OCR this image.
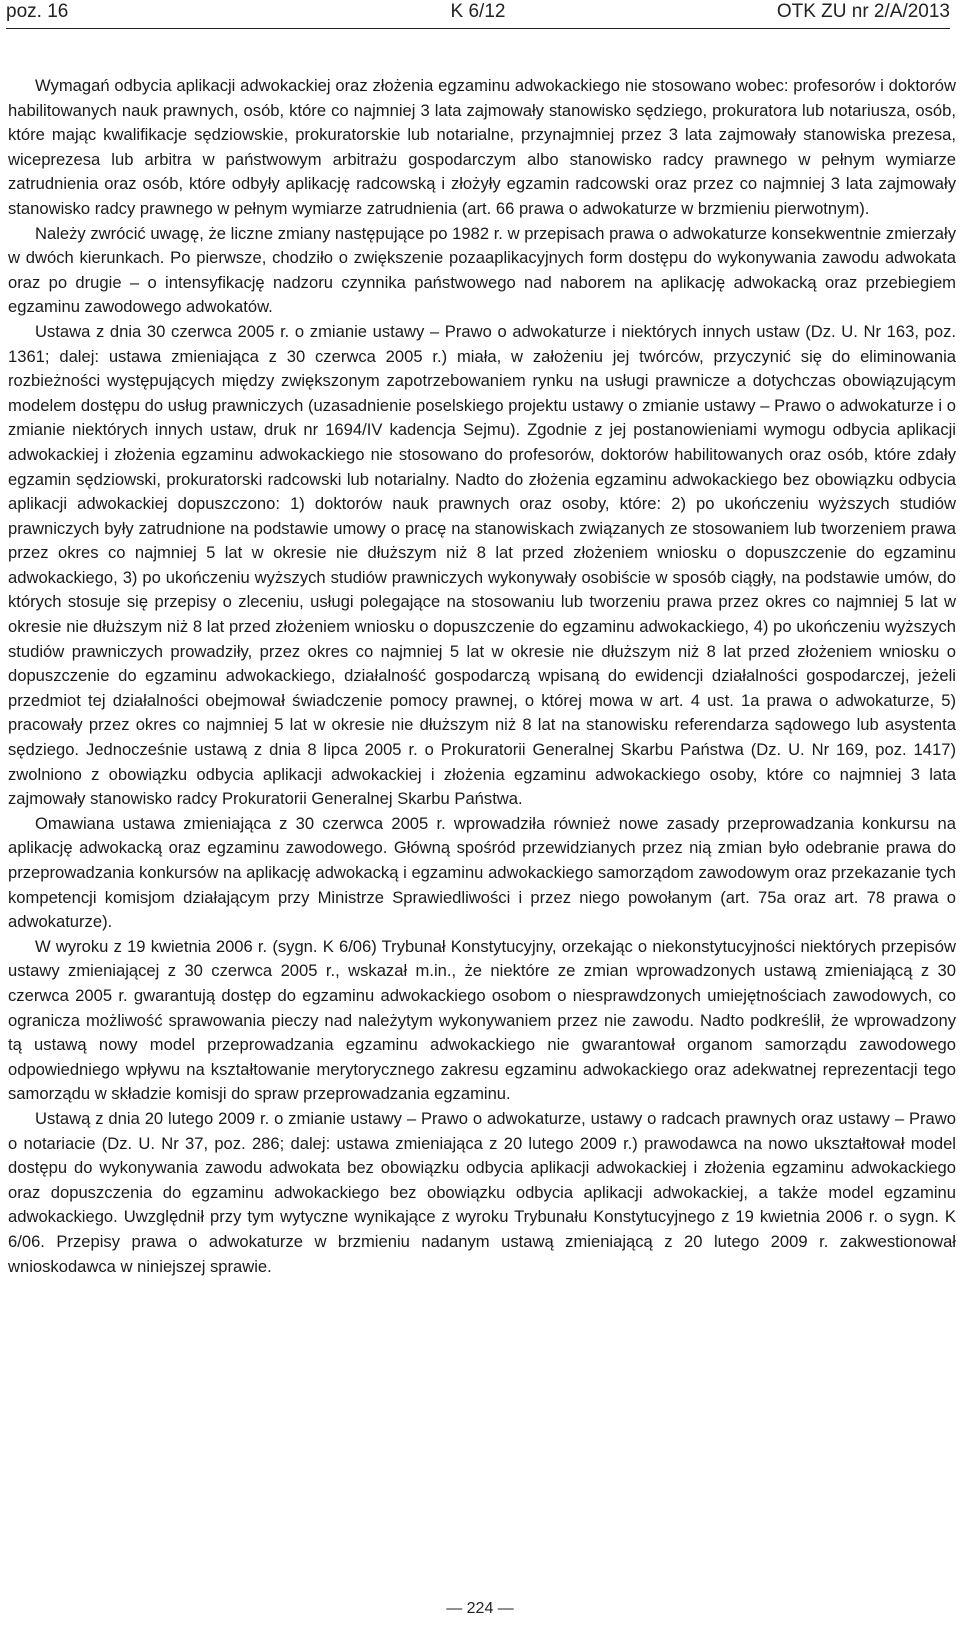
poz. 16	K 6/12	OTK ZU nr 2/A/2013

Wymagań odbycia aplikacji adwokackiej oraz złożenia egzaminu adwokackiego nie stosowano wobec: profesorów i doktorów habilitowanych nauk prawnych, osób, które co najmniej 3 lata zajmowały stanowisko sędziego, prokuratora lub notariusza, osób, które mając kwalifikacje sędziowskie, prokuratorskie lub notarialne, przynajmniej przez 3 lata zajmowały stanowiska prezesa, wiceprezesa lub arbitra w państwowym arbitrażu gospodarczym albo stanowisko radcy prawnego w pełnym wymiarze zatrudnienia oraz osób, które odbyły aplikację radcowską i złożyły egzamin radcowski oraz przez co najmniej 3 lata zajmowały stanowisko radcy prawnego w pełnym wymiarze zatrudnienia (art. 66 prawa o adwokaturze w brzmieniu pierwotnym).

Należy zwrócić uwagę, że liczne zmiany następujące po 1982 r. w przepisach prawa o adwokaturze konsekwentnie zmierzały w dwóch kierunkach. Po pierwsze, chodziło o zwiększenie pozaaplikacyjnych form dostępu do wykonywania zawodu adwokata oraz po drugie – o intensyfikację nadzoru czynnika państwowego nad naborem na aplikację adwokacką oraz przebiegiem egzaminu zawodowego adwokatów.

Ustawa z dnia 30 czerwca 2005 r. o zmianie ustawy – Prawo o adwokaturze i niektórych innych ustaw (Dz. U. Nr 163, poz. 1361; dalej: ustawa zmieniająca z 30 czerwca 2005 r.) miała, w założeniu jej twórców, przyczynić się do eliminowania rozbieżności występujących między zwiększonym zapotrzebowaniem rynku na usługi prawnicze a dotychczas obowiązującym modelem dostępu do usług prawniczych (uzasadnienie poselskiego projektu ustawy o zmianie ustawy – Prawo o adwokaturze i o zmianie niektórych innych ustaw, druk nr 1694/IV kadencja Sejmu). Zgodnie z jej postanowieniami wymogu odbycia aplikacji adwokackiej i złożenia egzaminu adwokackiego nie stosowano do profesorów, doktorów habilitowanych oraz osób, które zdały egzamin sędziowski, prokuratorski radcowski lub notarialny. Nadto do złożenia egzaminu adwokackiego bez obowiązku odbycia aplikacji adwokackiej dopuszczono: 1) doktorów nauk prawnych oraz osoby, które: 2) po ukończeniu wyższych studiów prawniczych były zatrudnione na podstawie umowy o pracę na stanowiskach związanych ze stosowaniem lub tworzeniem prawa przez okres co najmniej 5 lat w okresie nie dłuższym niż 8 lat przed złożeniem wniosku o dopuszczenie do egzaminu adwokackiego, 3) po ukończeniu wyższych studiów prawniczych wykonywały osobiście w sposób ciągły, na podstawie umów, do których stosuje się przepisy o zleceniu, usługi polegające na stosowaniu lub tworzeniu prawa przez okres co najmniej 5 lat w okresie nie dłuższym niż 8 lat przed złożeniem wniosku o dopuszczenie do egzaminu adwokackiego, 4) po ukończeniu wyższych studiów prawniczych prowadziły, przez okres co najmniej 5 lat w okresie nie dłuższym niż 8 lat przed złożeniem wniosku o dopuszczenie do egzaminu adwokackiego, działalność gospodarczą wpisaną do ewidencji działalności gospodarczej, jeżeli przedmiot tej działalności obejmował świadczenie pomocy prawnej, o której mowa w art. 4 ust. 1a prawa o adwokaturze, 5) pracowały przez okres co najmniej 5 lat w okresie nie dłuższym niż 8 lat na stanowisku referendarza sądowego lub asystenta sędziego. Jednocześnie ustawą z dnia 8 lipca 2005 r. o Prokuratorii Generalnej Skarbu Państwa (Dz. U. Nr 169, poz. 1417) zwolniono z obowiązku odbycia aplikacji adwokackiej i złożenia egzaminu adwokackiego osoby, które co najmniej 3 lata zajmowały stanowisko radcy Prokuratorii Generalnej Skarbu Państwa.

Omawiana ustawa zmieniająca z 30 czerwca 2005 r. wprowadziła również nowe zasady przeprowadzania konkursu na aplikację adwokacką oraz egzaminu zawodowego. Główną spośród przewidzianych przez nią zmian było odebranie prawa do przeprowadzania konkursów na aplikację adwokacką i egzaminu adwokackiego samorządom zawodowym oraz przekazanie tych kompetencji komisjom działającym przy Ministrze Sprawiedliwości i przez niego powołanym (art. 75a oraz art. 78 prawa o adwokaturze).

W wyroku z 19 kwietnia 2006 r. (sygn. K 6/06) Trybunał Konstytucyjny, orzekając o niekonstytucyjności niektórych przepisów ustawy zmieniającej z 30 czerwca 2005 r., wskazał m.in., że niektóre ze zmian wprowadzonych ustawą zmieniającą z 30 czerwca 2005 r. gwarantują dostęp do egzaminu adwokackiego osobom o niesprawdzonych umiejętnościach zawodowych, co ogranicza możliwość sprawowania pieczy nad należytym wykonywaniem przez nie zawodu. Nadto podkreślił, że wprowadzony tą ustawą nowy model przeprowadzania egzaminu adwokackiego nie gwarantował organom samorządu zawodowego odpowiedniego wpływu na kształtowanie merytorycznego zakresu egzaminu adwokackiego oraz adekwatnej reprezentacji tego samorządu w składzie komisji do spraw przeprowadzania egzaminu.

Ustawą z dnia 20 lutego 2009 r. o zmianie ustawy – Prawo o adwokaturze, ustawy o radcach prawnych oraz ustawy – Prawo o notariacie (Dz. U. Nr 37, poz. 286; dalej: ustawa zmieniająca z 20 lutego 2009 r.) prawodawca na nowo ukształtował model dostępu do wykonywania zawodu adwokata bez obowiązku odbycia aplikacji adwokackiej i złożenia egzaminu adwokackiego oraz dopuszczenia do egzaminu adwokackiego bez obowiązku odbycia aplikacji adwokackiej, a także model egzaminu adwokackiego. Uwzględnił przy tym wytyczne wynikające z wyroku Trybunału Konstytucyjnego z 19 kwietnia 2006 r. o sygn. K 6/06. Przepisy prawa o adwokaturze w brzmieniu nadanym ustawą zmieniającą z 20 lutego 2009 r. zakwestionował wnioskodawca w niniejszej sprawie.

— 224 —
